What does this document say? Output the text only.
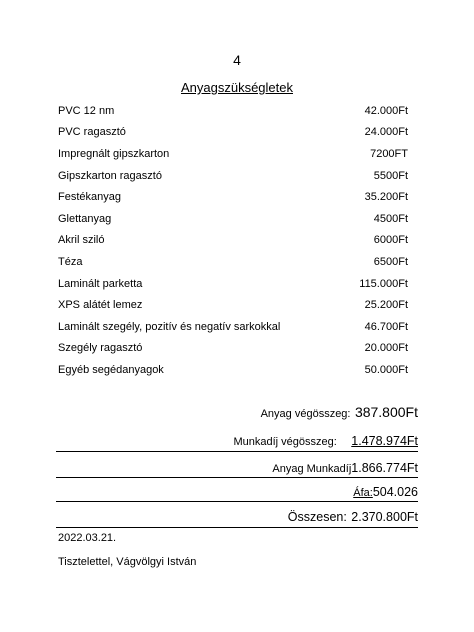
4
Anyagszükségletek
PVC 12 nm	42.000Ft
PVC ragasztó	24.000Ft
Impregnált gipszkarton	7200FT
Gipszkarton ragasztó	5500Ft
Festékanyag	35.200Ft
Glettanyag	4500Ft
Akril sziló	6000Ft
Téza	6500Ft
Laminált parketta	115.000Ft
XPS alátét lemez	25.200Ft
Laminált szegély, pozitív és negatív sarkokkal	46.700Ft
Szegély ragasztó	20.000Ft
Egyéb segédanyagok	50.000Ft
Anyag végösszeg: 387.800Ft
Munkadíj végösszeg: 1.478.974Ft
Anyag Munkadíj1.866.774Ft
Áfa:504.026
Összesen: 2.370.800Ft
2022.03.21.
Tisztelettel, Vágvölgyi István
